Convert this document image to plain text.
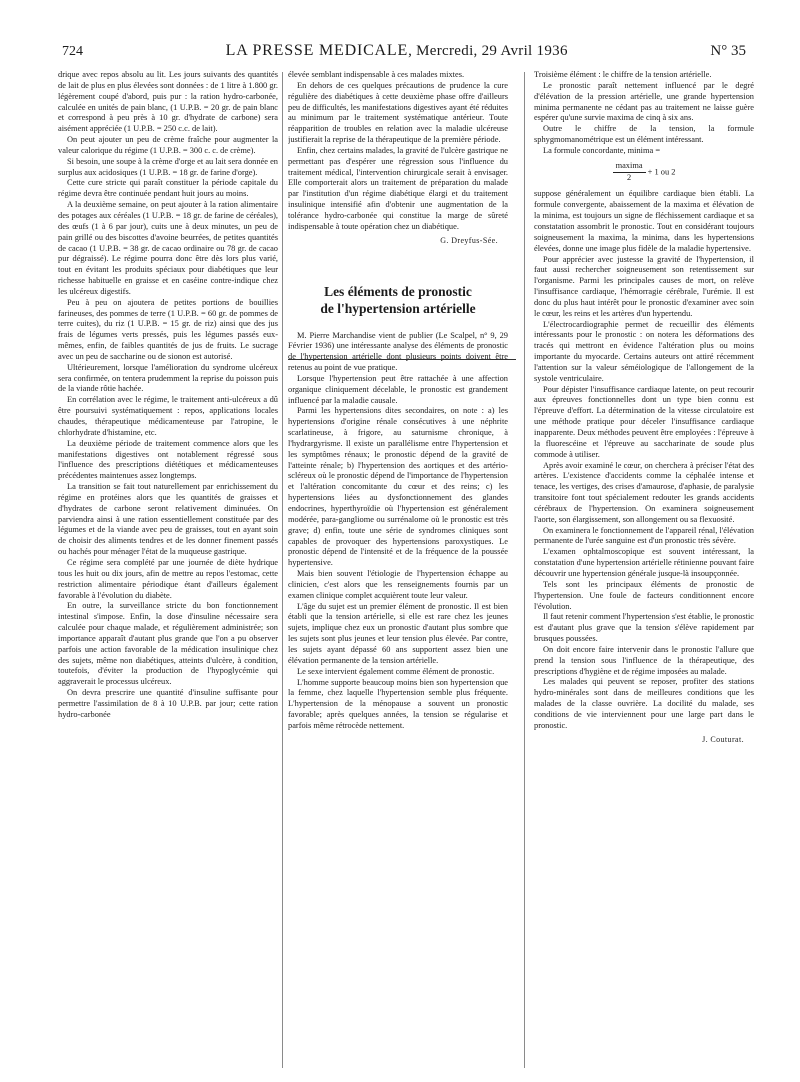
724	LA PRESSE MEDICALE, Mercredi, 29 Avril 1936	N° 35

drique avec repos absolu au lit. Les jours suivants des quantités de lait de plus en plus élevées sont données : de 1 litre à 1.800 gr. légèrement coupé d'abord, puis pur : la ration hydro-carbonée, calculée en unités de pain blanc, (1 U.P.B. = 20 gr. de pain blanc et correspond à peu près à 10 gr. d'hydrate de carbone) sera aisément appréciée (1 U.P.B. = 250 c.c. de lait).

On peut ajouter un peu de crème fraîche pour augmenter la valeur calorique du régime (1 U.P.B. = 300 c. c. de crème).

Si besoin, une soupe à la crème d'orge et au lait sera donnée en surplus aux acidosiques (1 U.P.B. = 18 gr. de farine d'orge).

Cette cure stricte qui paraît constituer la période capitale du régime devra être continuée pendant huit jours au moins.

A la deuxième semaine, on peut ajouter à la ration alimentaire des potages aux céréales (1 U.P.B. = 18 gr. de farine de céréales), des œufs (1 à 6 par jour), cuits une à deux minutes, un peu de pain grillé ou des biscottes d'avoine beurrées, de petites quantités de cacao (1 U.P.B. = 38 gr. de cacao ordinaire ou 78 gr. de cacao pur dégraissé). Le régime pourra donc être dès lors plus varié, tout en évitant les produits spéciaux pour diabétiques que leur richesse habituelle en graisse et en caséine contre-indique chez les ulcéreux digestifs.

Peu à peu on ajoutera de petites portions de bouillies farineuses, des pommes de terre (1 U.P.B. = 60 gr. de pommes de terre cuites), du riz (1 U.P.B. = 15 gr. de riz) ainsi que des jus frais de légumes verts pressés, puis les légumes passés eux-mêmes, enfin, de faibles quantités de jus de fruits. Le sucrage avec un peu de saccharine ou de sionon est autorisé.

Ultérieurement, lorsque l'amélioration du syndrome ulcéreux sera confirmée, on tentera prudemment la reprise du poisson puis de la viande rôtie hachée.

En corrélation avec le régime, le traitement anti-ulcéreux a dû être poursuivi systématiquement : repos, applications locales chaudes, thérapeutique médicamenteuse par l'atropine, le chlorhydrate d'histamine, etc.

La deuxième période de traitement commence alors que les manifestations digestives ont notablement régressé sous l'influence des prescriptions diététiques et médicamenteuses précédentes maintenues assez longtemps.

La transition se fait tout naturellement par enrichissement du régime en protéines alors que les quantités de graisses et d'hydrates de carbone seront relativement diminuées. On parviendra ainsi à une ration essentiellement constituée par des légumes et de la viande avec peu de graisses, tout en ayant soin de choisir des aliments tendres et de les donner finement passés ou hachés pour ménager l'état de la muqueuse gastrique.

Ce régime sera complété par une journée de diète hydrique tous les huit ou dix jours, afin de mettre au repos l'estomac, cette restriction alimentaire périodique étant d'ailleurs également favorable à l'évolution du diabète.

En outre, la surveillance stricte du bon fonctionnement intestinal s'impose. Enfin, la dose d'insuline nécessaire sera calculée pour chaque malade, et régulièrement administrée; son importance apparaît d'autant plus grande que l'on a pu observer parfois une action favorable de la médication insulinique chez des sujets, même non diabétiques, atteints d'ulcère, à condition, toutefois, d'éviter la production de l'hypoglycémie qui aggraverait le processus ulcéreux.

On devra prescrire une quantité d'insuline suffisante pour permettre l'assimilation de 8 à 10 U.P.B. par jour; cette ration hydro-carbonée

élevée semblant indispensable à ces malades mixtes.

En dehors de ces quelques précautions de prudence la cure régulière des diabétiques à cette deuxième phase offre d'ailleurs peu de difficultés, les manifestations digestives ayant été réduites au minimum par le traitement systématique antérieur. Toute réapparition de troubles en relation avec la maladie ulcéreuse justifierait la reprise de la thérapeutique de la première période.

Enfin, chez certains malades, la gravité de l'ulcère gastrique ne permettant pas d'espérer une régression sous l'influence du traitement médical, l'intervention chirurgicale serait à envisager. Elle comporterait alors un traitement de préparation du malade par l'institution d'un régime diabétique élargi et du traitement insulinique intensifié afin d'obtenir une augmentation de la tolérance hydro-carbonée qui constitue la marge de sûreté indispensable à toute opération chez un diabétique.

G. Dreyfus-Sée.

Les éléments de pronostic
de l'hypertension artérielle

M. Pierre Marchandise vient de publier (Le Scalpel, n° 9, 29 Février 1936) une intéressante analyse des éléments de pronostic de l'hypertension artérielle dont plusieurs points doivent être retenus au point de vue pratique.

Lorsque l'hypertension peut être rattachée à une affection organique cliniquement décelable, le pronostic est grandement influencé par la maladie causale.

Parmi les hypertensions dites secondaires, on note : a) les hypertensions d'origine rénale consécutives à une néphrite scarlatineuse, à frigore, au saturnisme chronique, à l'hydrargyrisme. Il existe un parallélisme entre l'hypertension et les symptômes rénaux; le pronostic dépend de la gravité de l'atteinte rénale; b) l'hypertension des aortiques et des artério-scléreux où le pronostic dépend de l'importance de l'hypertension et l'altération concomitante du cœur et des reins; c) les hypertensions liées au dysfonctionnement des glandes endocrines, hyperthyroïdie où l'hypertension est généralement modérée, para-gangliome ou surrénalome où le pronostic est très grave; d) enfin, toute une série de syndromes cliniques sont capables de provoquer des hypertensions paroxystiques. Le pronostic dépend de l'intensité et de la fréquence de la poussée hypertensive.

Mais bien souvent l'étiologie de l'hypertension échappe au clinicien, c'est alors que les renseignements fournis par un examen clinique complet acquièrent toute leur valeur.

L'âge du sujet est un premier élément de pronostic. Il est bien établi que la tension artérielle, si elle est rare chez les jeunes sujets, implique chez eux un pronostic d'autant plus sombre que les sujets sont plus jeunes et leur tension plus élevée. Par contre, les sujets ayant dépassé 60 ans supportent assez bien une élévation permanente de la tension artérielle.

Le sexe intervient également comme élément de pronostic.

L'homme supporte beaucoup moins bien son hypertension que la femme, chez laquelle l'hypertension semble plus fréquente. L'hypertension de la ménopause a souvent un pronostic favorable; après quelques années, la tension se régularise et parfois même rétrocède nettement.

Troisième élément : le chiffre de la tension artérielle.

Le pronostic paraît nettement influencé par le degré d'élévation de la pression artérielle, une grande hypertension minima permanente ne cédant pas au traitement ne laisse guère espérer qu'une survie maxima de cinq à six ans.

Outre le chiffre de la tension, la formule sphygmomanométrique est un élément intéressant.

La formule concordante, minima =

$\frac{\text{maxima}}{2} + 1$ ou 2

suppose généralement un équilibre cardiaque bien établi. La formule convergente, abaissement de la maxima et élévation de la minima, est toujours un signe de fléchissement cardiaque et sa constatation assombrit le pronostic. Tout en considérant toujours soigneusement la maxima, la minima, dans les hypertensions élevées, donne une image plus fidèle de la maladie hypertensive.

Pour apprécier avec justesse la gravité de l'hypertension, il faut aussi rechercher soigneusement son retentissement sur l'organisme. Parmi les principales causes de mort, on relève l'insuffisance cardiaque, l'hémorragie cérébrale, l'urémie. Il est donc du plus haut intérêt pour le pronostic d'examiner avec soin le cœur, les reins et les artères d'un hypertendu.

L'électrocardiographie permet de recueillir des éléments intéressants pour le pronostic : on notera les déformations des tracés qui mettront en évidence l'altération plus ou moins importante du myocarde. Certains auteurs ont attiré récemment l'attention sur la valeur séméiologique de l'allongement de la systole ventriculaire.

Pour dépister l'insuffisance cardiaque latente, on peut recourir aux épreuves fonctionnelles dont un type bien connu est l'épreuve d'effort. La détermination de la vitesse circulatoire est une méthode pratique pour déceler l'insuffisance cardiaque inapparente. Deux méthodes peuvent être employées : l'épreuve à la fluorescéine et l'épreuve au saccharinate de soude plus commode à utiliser.

Après avoir examiné le cœur, on cherchera à préciser l'état des artères. L'existence d'accidents comme la céphalée intense et tenace, les vertiges, des crises d'amaurose, d'aphasie, de paralysie transitoire font tout spécialement redouter les grands accidents cérébraux de l'hypertension. On examinera soigneusement l'aorte, son élargissement, son allongement ou sa flexuosité.

On examinera le fonctionnement de l'appareil rénal, l'élévation permanente de l'urée sanguine est d'un pronostic très sévère.

L'examen ophtalmoscopique est souvent intéressant, la constatation d'une hypertension artérielle rétinienne pouvant faire découvrir une hypertension générale jusque-là insoupçonnée.

Tels sont les principaux éléments de pronostic de l'hypertension. Une foule de facteurs conditionnent encore l'évolution.

Il faut retenir comment l'hypertension s'est établie, le pronostic est d'autant plus grave que la tension s'élève rapidement par brusques poussées.

On doit encore faire intervenir dans le pronostic l'allure que prend la tension sous l'influence de la thérapeutique, des prescriptions d'hygiène et de régime imposées au malade.

Les malades qui peuvent se reposer, profiter des stations hydro-minérales sont dans de meilleures conditions que les malades de la classe ouvrière. La docilité du malade, ses conditions de vie interviennent pour une large part dans le pronostic.

J. Couturat.
